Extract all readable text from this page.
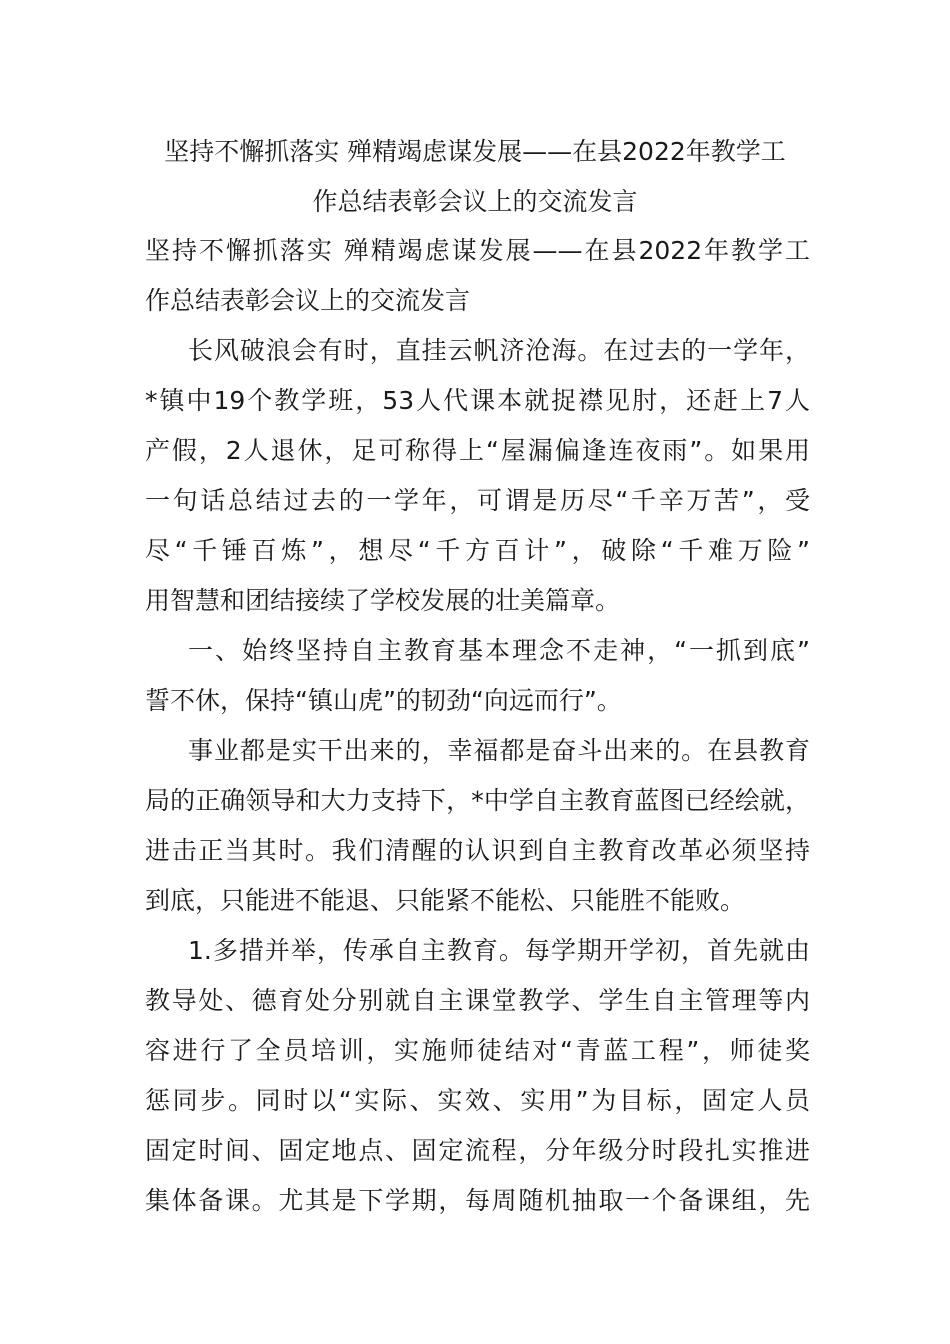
坚持不懈抓落实 殚精竭虑谋发展——在县2022年教学工
作总结表彰会议上的交流发言
坚持不懈抓落实 殚精竭虑谋发展——在县2022年教学工
作总结表彰会议上的交流发言
长风破浪会有时，直挂云帆济沧海。在过去的一学年，
*镇中19个教学班，53人代课本就捉襟见肘，还赶上7人
产假，2人退休，足可称得上“屋漏偏逢连夜雨”。如果用
一句话总结过去的一学年，可谓是历尽“千辛万苦”，受
尽“千锤百炼”，想尽“千方百计”，破除“千难万险”
用智慧和团结接续了学校发展的壮美篇章。
一、始终坚持自主教育基本理念不走神，“一抓到底”
誓不休，保持“镇山虎”的韧劲“向远而行”。
事业都是实干出来的，幸福都是奋斗出来的。在县教育
局的正确领导和大力支持下，*中学自主教育蓝图已经绘就，
进击正当其时。我们清醒的认识到自主教育改革必须坚持
到底，只能进不能退、只能紧不能松、只能胜不能败。
1.多措并举，传承自主教育。每学期开学初，首先就由
教导处、德育处分别就自主课堂教学、学生自主管理等内
容进行了全员培训，实施师徒结对“青蓝工程”，师徒奖
惩同步。同时以“实际、实效、实用”为目标，固定人员
固定时间、固定地点、固定流程，分年级分时段扎实推进
集体备课。尤其是下学期，每周随机抽取一个备课组，先
